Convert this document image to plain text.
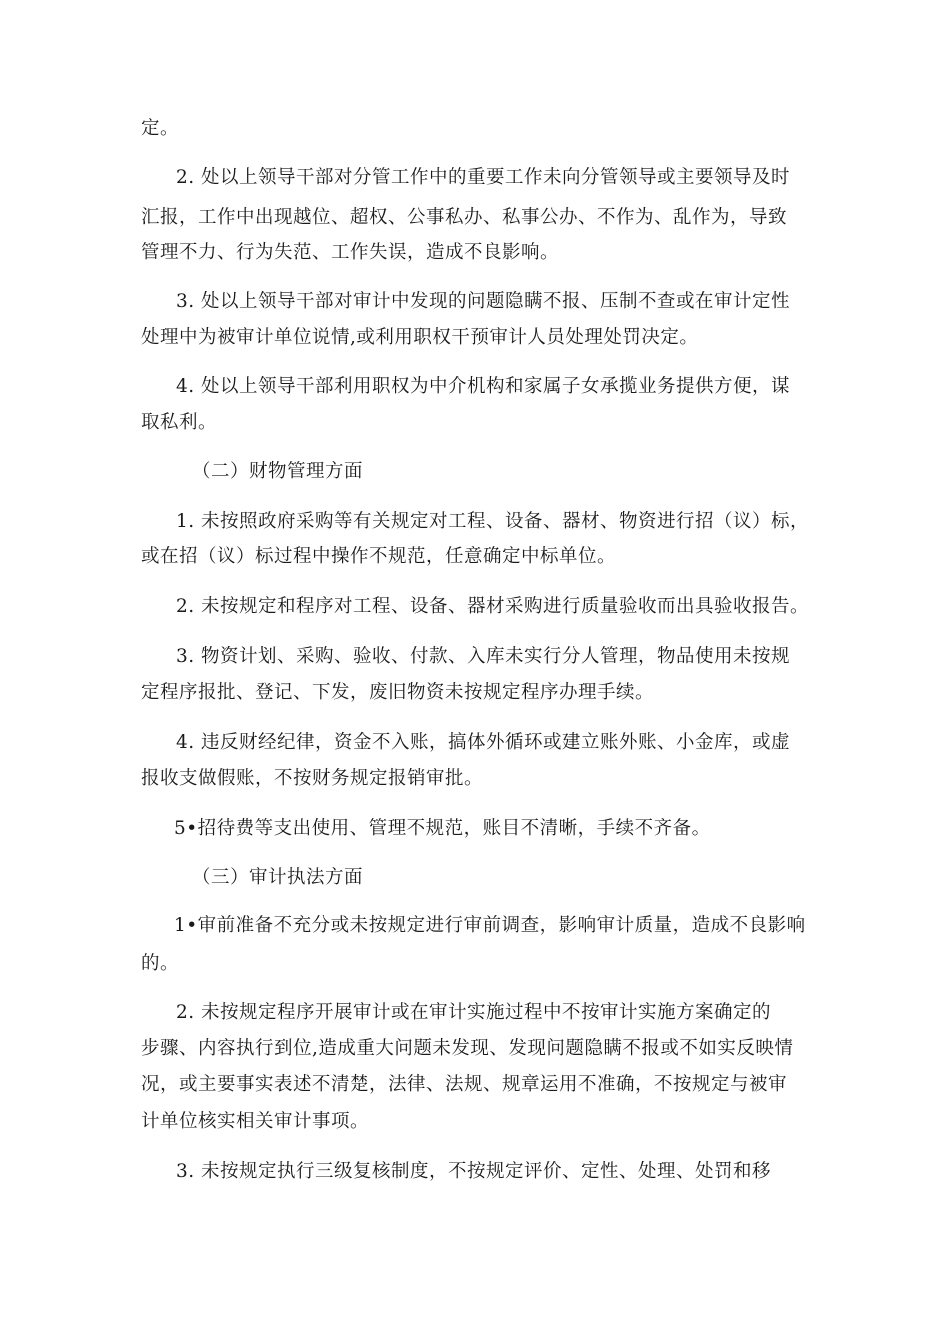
定。
2. 处以上领导干部对分管工作中的重要工作未向分管领导或主要领导及时
汇报，工作中出现越位、超权、公事私办、私事公办、不作为、乱作为，导致
管理不力、行为失范、工作失误，造成不良影响。
3. 处以上领导干部对审计中发现的问题隐瞒不报、压制不查或在审计定性
处理中为被审计单位说情,或利用职权干预审计人员处理处罚决定。
4. 处以上领导干部利用职权为中介机构和家属子女承揽业务提供方便，谋
取私利。
（二）财物管理方面
1. 未按照政府采购等有关规定对工程、设备、器材、物资进行招（议）标，
或在招（议）标过程中操作不规范，任意确定中标单位。
2. 未按规定和程序对工程、设备、器材采购进行质量验收而出具验收报告。
3. 物资计划、采购、验收、付款、入库未实行分人管理，物品使用未按规
定程序报批、登记、下发，废旧物资未按规定程序办理手续。
4. 违反财经纪律，资金不入账，搞体外循环或建立账外账、小金库，或虚
报收支做假账，不按财务规定报销审批。
5•招待费等支出使用、管理不规范，账目不清晰，手续不齐备。
（三）审计执法方面
1•审前准备不充分或未按规定进行审前调查，影响审计质量，造成不良影响
的。
2. 未按规定程序开展审计或在审计实施过程中不按审计实施方案确定的
步骤、内容执行到位,造成重大问题未发现、发现问题隐瞒不报或不如实反映情
况，或主要事实表述不清楚，法律、法规、规章运用不准确，不按规定与被审
计单位核实相关审计事项。
3. 未按规定执行三级复核制度，不按规定评价、定性、处理、处罚和移
